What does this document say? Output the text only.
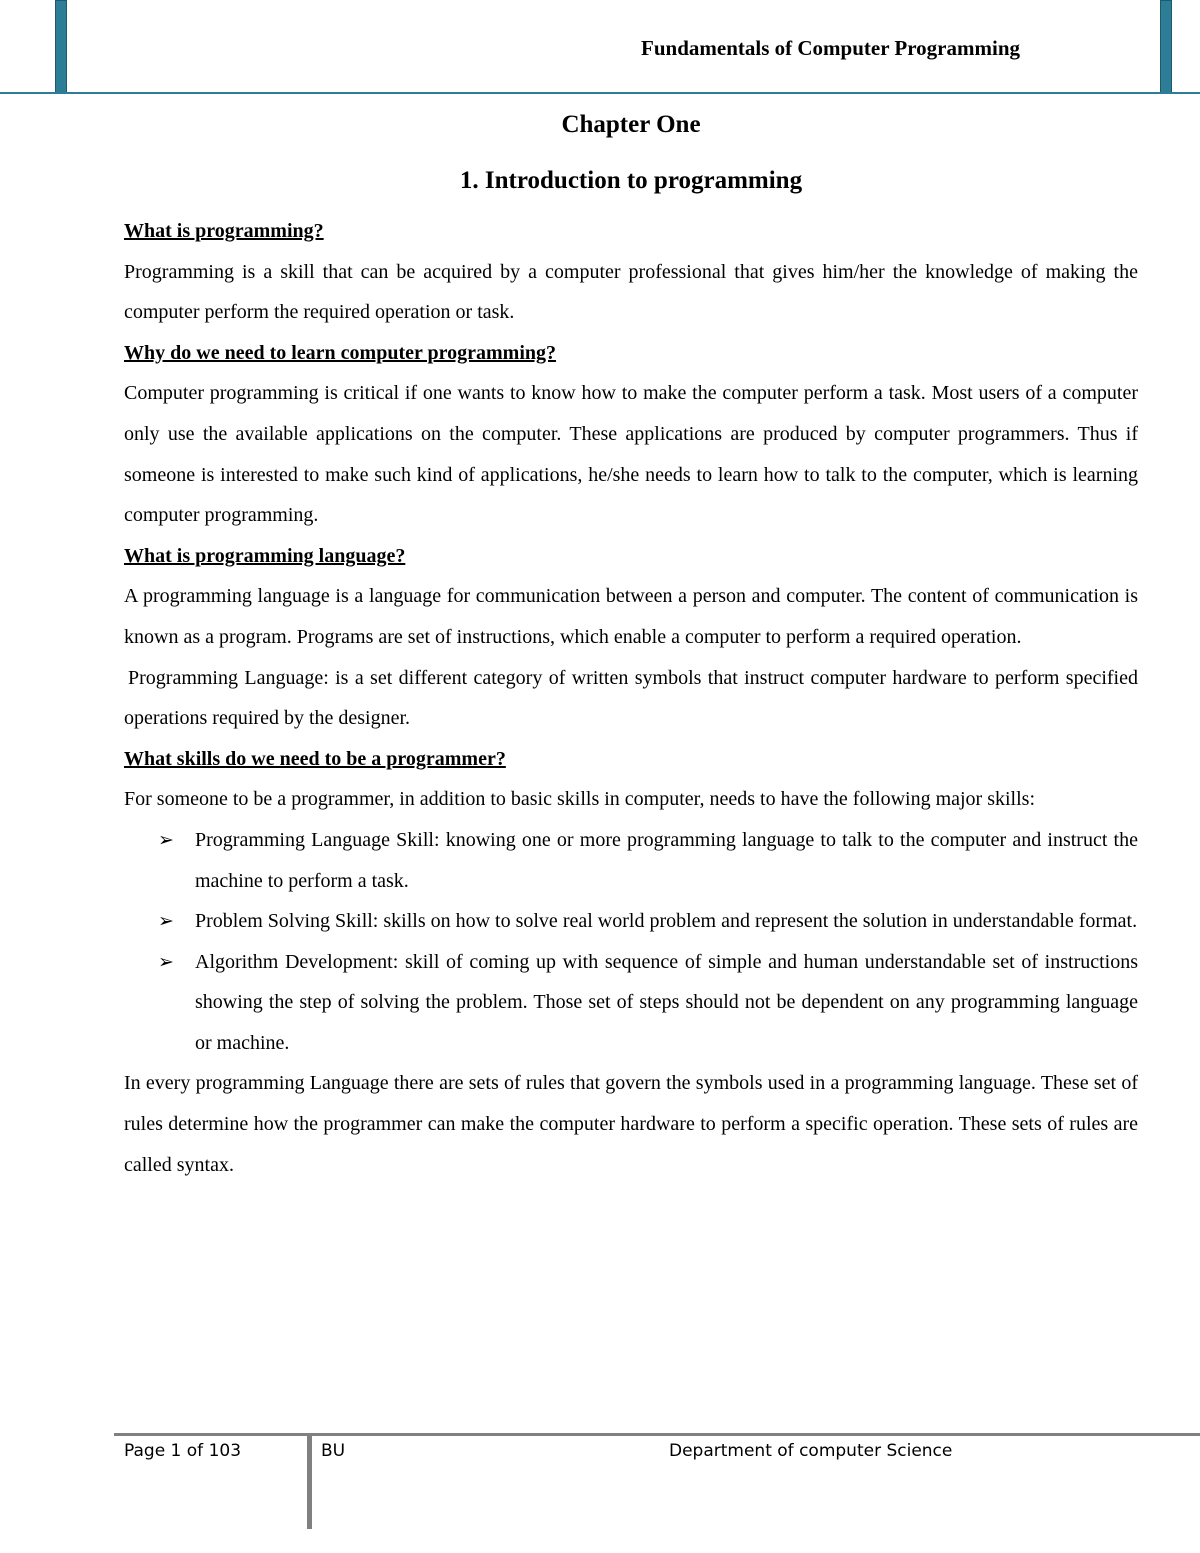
Fundamentals of Computer Programming
Chapter One
1. Introduction to programming
What is programming?
Programming is a skill that can be acquired by a computer professional that gives him/her the knowledge of making the computer perform the required operation or task.
Why do we need to learn computer programming?
Computer programming is critical if one wants to know how to make the computer perform a task. Most users of a computer only use the available applications on the computer. These applications are produced by computer programmers. Thus if someone is interested to make such kind of applications, he/she needs to learn how to talk to the computer, which is learning computer programming.
What is programming language?
A programming language is a language for communication between a person and computer. The content of communication is known as a program. Programs are set of instructions, which enable a computer to perform a required operation.
Programming Language: is a set different category of written symbols that instruct computer hardware to perform specified operations required by the designer.
What skills do we need to be a programmer?
For someone to be a programmer, in addition to basic skills in computer, needs to have the following major skills:
➢ Programming Language Skill: knowing one or more programming language to talk to the computer and instruct the machine to perform a task.
➢ Problem Solving Skill: skills on how to solve real world problem and represent the solution in understandable format.
➢ Algorithm Development: skill of coming up with sequence of simple and human understandable set of instructions showing the step of solving the problem. Those set of steps should not be dependent on any programming language or machine.
In every programming Language there are sets of rules that govern the symbols used in a programming language. These set of rules determine how the programmer can make the computer hardware to perform a specific operation. These sets of rules are called syntax.
Page 1 of 103	BU	Department of computer Science
